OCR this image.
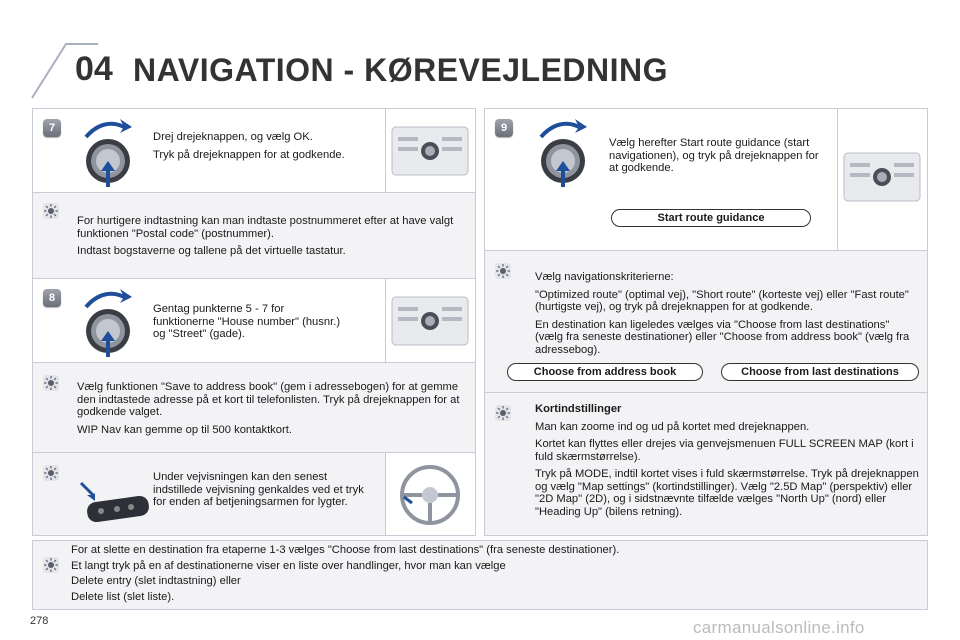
04 NAVIGATION - KØREVEJLEDNING
7

Drej drejeknappen, og vælg OK.

Tryk på drejeknappen for at godkende.

For hurtigere indtastning kan man indtaste postnummeret efter at have valgt funktionen "Postal code" (postnummer).

Indtast bogstaverne og tallene på det virtuelle tastatur.

8

Gentag punkterne 5 - 7 for funktionerne "House number" (husnr.) og "Street" (gade).

Vælg funktionen "Save to address book" (gem i adressebogen) for at gemme den indtastede adresse på et kort til telefonlisten. Tryk på drejeknappen for at godkende valget.

WIP Nav kan gemme op til 500 kontaktkort.

Under vejvisningen kan den senest indstillede vejvisning genkaldes ved et tryk for enden af betjeningsarmen for lygter.

9

Vælg herefter Start route guidance (start navigationen), og tryk på drejeknappen for at godkende.

Start route guidance

Vælg navigationskriterierne:

"Optimized route" (optimal vej), "Short route" (korteste vej) eller "Fast route" (hurtigste vej), og tryk på drejeknappen for at godkende.

En destination kan ligeledes vælges via "Choose from last destinations" (vælg fra seneste destinationer) eller "Choose from address book" (vælg fra adressebog).

Choose from address book	Choose from last destinations

Kortindstillinger

Man kan zoome ind og ud på kortet med drejeknappen.

Kortet kan flyttes eller drejes via genvejsmenuen FULL SCREEN MAP (kort i fuld skærmstørrelse).

Tryk på MODE, indtil kortet vises i fuld skærmstørrelse. Tryk på drejeknappen og vælg "Map settings" (kortindstillinger). Vælg "2.5D Map" (perspektiv) eller "2D Map" (2D), og i sidstnævnte tilfælde vælges "North Up" (nord) eller "Heading Up" (bilens retning).

For at slette en destination fra etaperne 1-3 vælges "Choose from last destinations" (fra seneste destinationer).

Et langt tryk på en af destinationerne viser en liste over handlinger, hvor man kan vælge

Delete entry (slet indtastning) eller

Delete list (slet liste).

278	carmanualsonline.info
